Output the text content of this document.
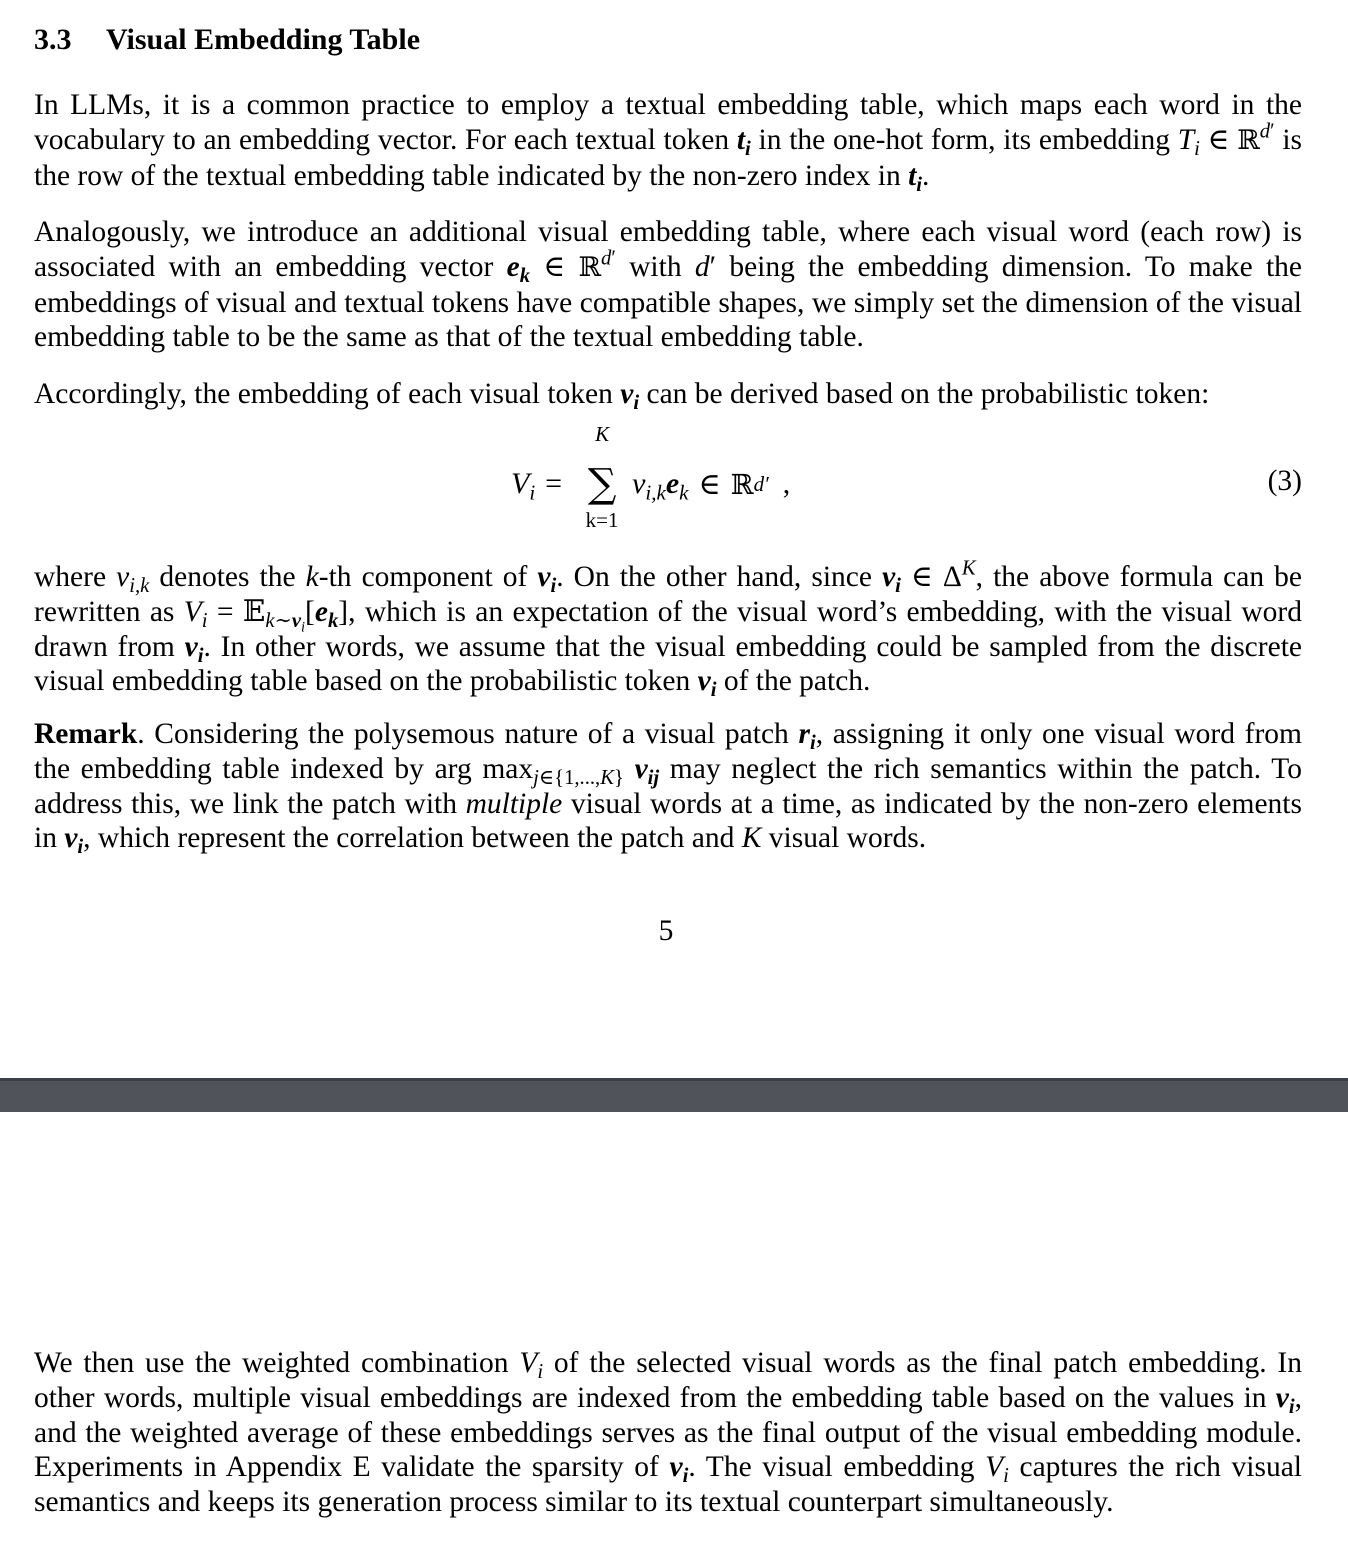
3.3 Visual Embedding Table

In LLMs, it is a common practice to employ a textual embedding table, which maps each word in the vocabulary to an embedding vector. For each textual token $t_i$ in the one-hot form, its embedding $T_i$ ∈ ℝ$^{d'}$ is the row of the textual embedding table indicated by the non-zero index in $t_i$.

Analogously, we introduce an additional visual embedding table, where each visual word (each row) is associated with an embedding vector $e_k$ ∈ ℝ$^{d'}$ with d′ being the embedding dimension. To make the embeddings of visual and textual tokens have compatible shapes, we simply set the dimension of the visual embedding table to be the same as that of the textual embedding table.

Accordingly, the embedding of each visual token $v_i$ can be derived based on the probabilistic token:

$V_i$ =
K
∑
k=1
$v_{i,k}$ $e_k$ ∈ ℝ d′ ,	(3)

where $v_{i,k}$ denotes the k-th component of $v_i$. On the other hand, since $v_i$ ∈ $\Delta^K$, the above formula can be rewritten as $V_i$ = $𝔼_{k\sim v_i}[e_k]$, which is an expectation of the visual word’s embedding, with the visual word drawn from $v_i$. In other words, we assume that the visual embedding could be sampled from the discrete visual embedding table based on the probabilistic token $v_i$ of the patch.

Remark. Considering the polysemous nature of a visual patch $r_i$, assigning it only one visual word from the embedding table indexed by arg $\max_{j\in\{1,...,K\}} v_{ij}$ may neglect the rich semantics within the patch. To address this, we link the patch with multiple visual words at a time, as indicated by the non-zero elements in $v_i$, which represent the correlation between the patch and K visual words.

5

We then use the weighted combination $V_i$ of the selected visual words as the final patch embedding. In other words, multiple visual embeddings are indexed from the embedding table based on the values in $v_i$, and the weighted average of these embeddings serves as the final output of the visual embedding module. Experiments in Appendix E validate the sparsity of $v_i$. The visual embedding $V_i$ captures the rich visual semantics and keeps its generation process similar to its textual counterpart simultaneously.
